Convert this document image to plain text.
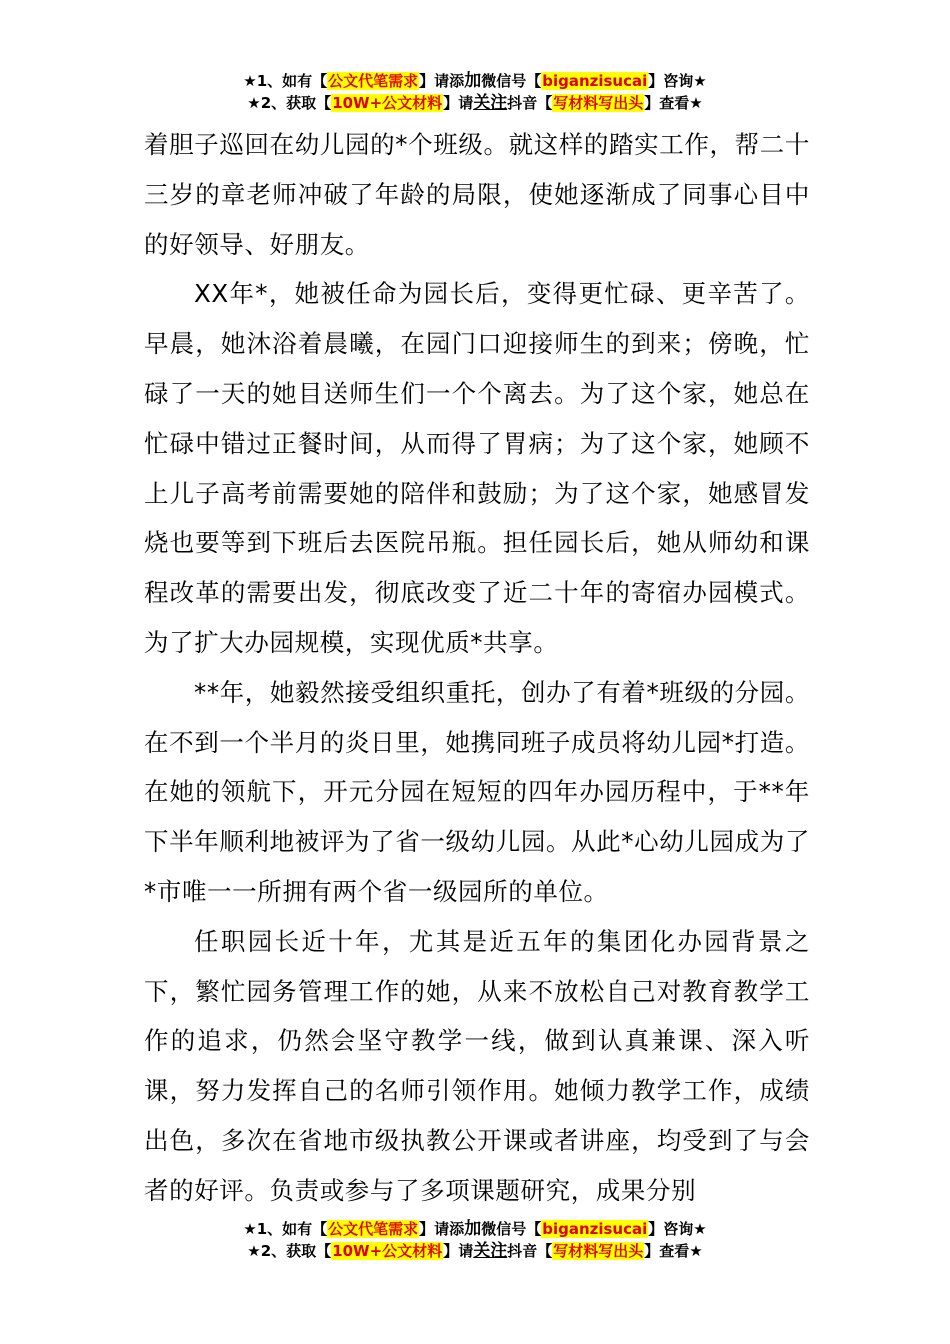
★1、如有【公文代笔需求】请添加微信号【biganzisucai】咨询★
★2、获取【10W+公文材料】请关注抖音【写材料写出头】查看★

着胆子巡回在幼儿园的*个班级。就这样的踏实工作，帮二十三岁的章老师冲破了年龄的局限，使她逐渐成了同事心目中的好领导、好朋友。

XX年*，她被任命为园长后，变得更忙碌、更辛苦了。早晨，她沐浴着晨曦，在园门口迎接师生的到来；傍晚，忙碌了一天的她目送师生们一个个离去。为了这个家，她总在忙碌中错过正餐时间，从而得了胃病；为了这个家，她顾不上儿子高考前需要她的陪伴和鼓励；为了这个家，她感冒发烧也要等到下班后去医院吊瓶。担任园长后，她从师幼和课程改革的需要出发，彻底改变了近二十年的寄宿办园模式。为了扩大办园规模，实现优质*共享。

**年，她毅然接受组织重托，创办了有着*班级的分园。在不到一个半月的炎日里，她携同班子成员将幼儿园*打造。在她的领航下，开元分园在短短的四年办园历程中，于**年下半年顺利地被评为了省一级幼儿园。从此*心幼儿园成为了*市唯一一所拥有两个省一级园所的单位。

任职园长近十年，尤其是近五年的集团化办园背景之下，繁忙园务管理工作的她，从来不放松自己对教育教学工作的追求，仍然会坚守教学一线，做到认真兼课、深入听课，努力发挥自己的名师引领作用。她倾力教学工作，成绩出色，多次在省地市级执教公开课或者讲座，均受到了与会者的好评。负责或参与了多项课题研究，成果分别

★1、如有【公文代笔需求】请添加微信号【biganzisucai】咨询★
★2、获取【10W+公文材料】请关注抖音【写材料写出头】查看★
